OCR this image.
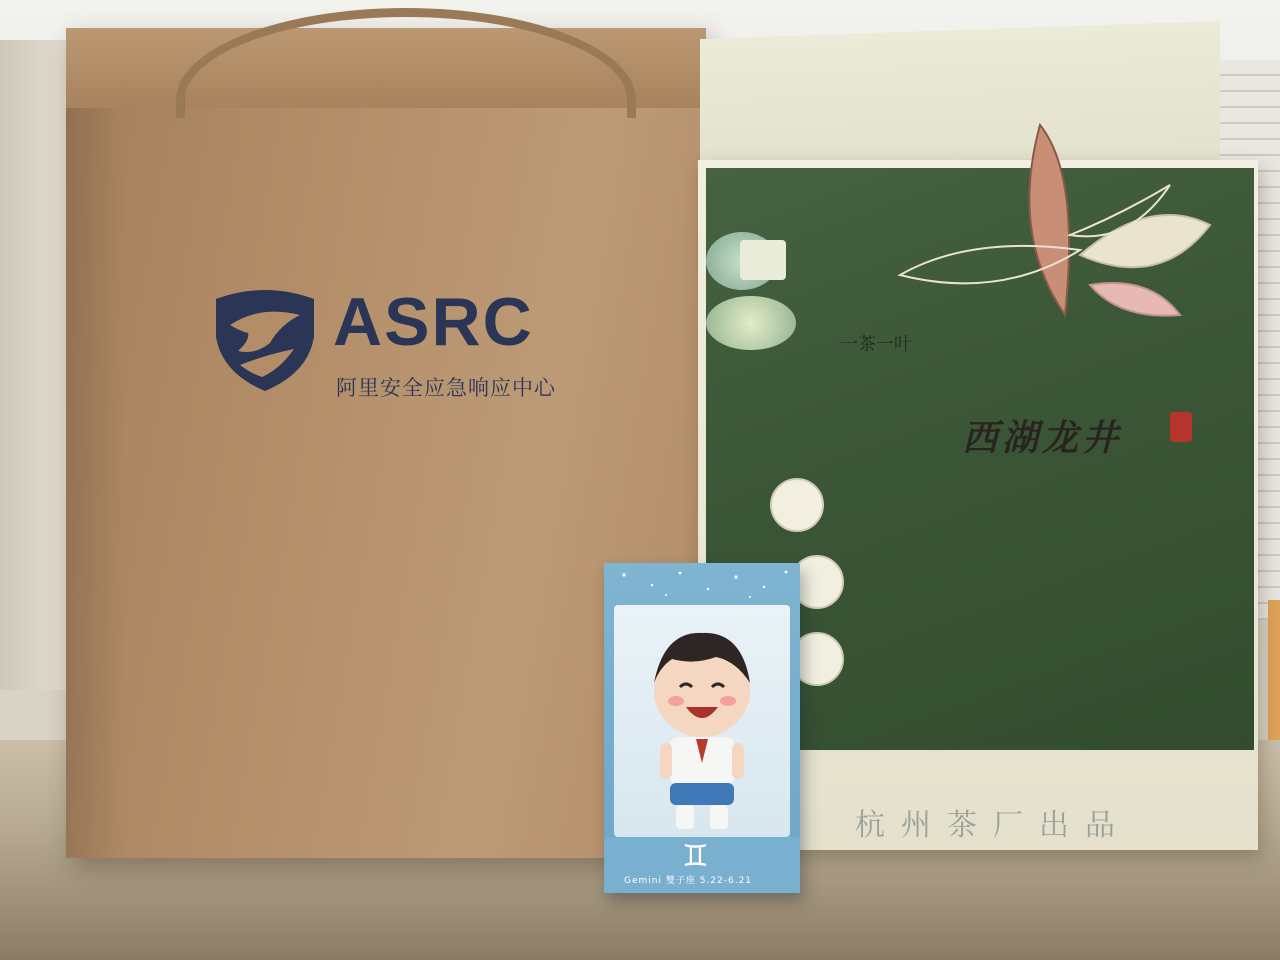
ASRC

阿里安全应急响应中心

一茶一叶

西湖龙井

杭州茶厂出品

♊

Gemini 雙子座 5.22-6.21
